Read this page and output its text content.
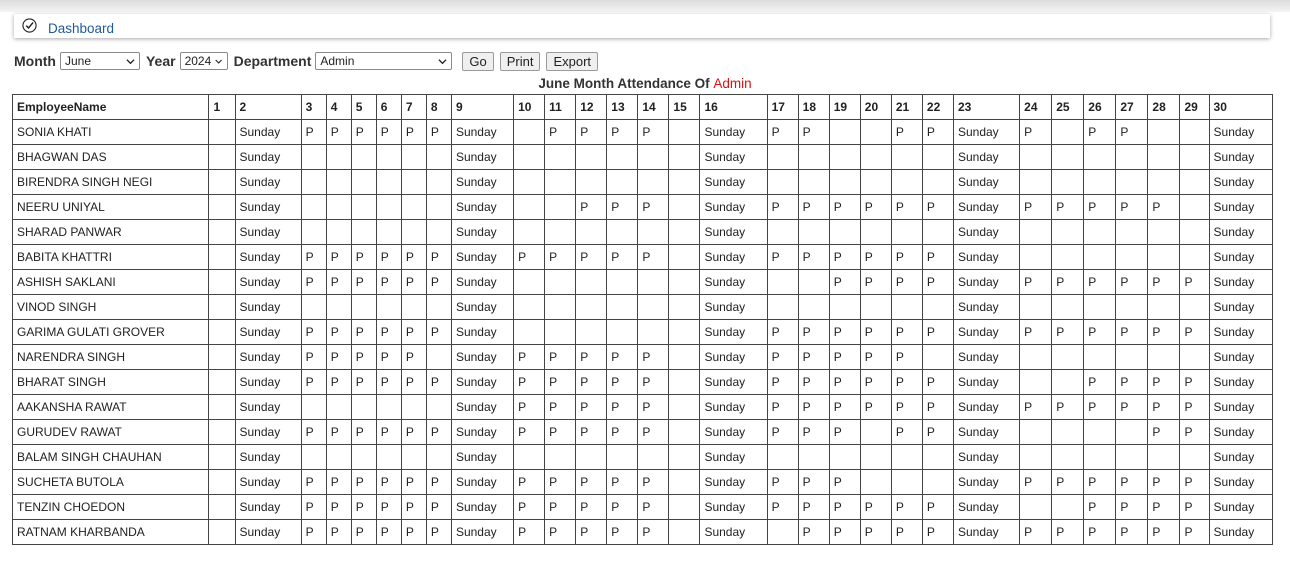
Dashboard
Month June	Year 2024 Department Admin	Go	Print	Export
June Month Attendance Of Admin
EmployeeName	1	2	3	4	5	6	7	8	9	10	11	12	13	14	15	16	17	18	19	20	21	22	23	24	25	26	27	28	29	30
SONIA KHATI		Sunday	P	P	P	P	P	P	Sunday		P	P	P	P		Sunday	P	P			P	P	Sunday	P		P	P			Sunday
BHAGWAN DAS		Sunday							Sunday							Sunday							Sunday							Sunday
BIRENDRA SINGH NEGI		Sunday							Sunday							Sunday							Sunday							Sunday
NEERU UNIYAL		Sunday							Sunday			P	P	P		Sunday	P	P	P	P	P	P	Sunday	P	P	P	P	P		Sunday
SHARAD PANWAR		Sunday							Sunday							Sunday							Sunday							Sunday
BABITA KHATTRI		Sunday	P	P	P	P	P	P	Sunday	P	P	P	P	P		Sunday	P	P	P	P	P	P	Sunday							Sunday
ASHISH SAKLANI		Sunday	P	P	P	P	P	P	Sunday							Sunday			P	P	P	P	Sunday	P	P	P	P	P	P	Sunday
VINOD SINGH		Sunday							Sunday							Sunday							Sunday							Sunday
GARIMA GULATI GROVER		Sunday	P	P	P	P	P	P	Sunday							Sunday	P	P	P	P	P	P	Sunday	P	P	P	P	P	P	Sunday
NARENDRA SINGH		Sunday	P	P	P	P	P		Sunday	P	P	P	P	P		Sunday	P	P	P	P	P		Sunday							Sunday
BHARAT SINGH		Sunday	P	P	P	P	P	P	Sunday	P	P	P	P	P		Sunday	P	P	P	P	P	P	Sunday			P	P	P	P	Sunday
AAKANSHA RAWAT		Sunday							Sunday	P	P	P	P	P		Sunday	P	P	P	P	P	P	Sunday	P	P	P	P	P	P	Sunday
GURUDEV RAWAT		Sunday	P	P	P	P	P	P	Sunday	P	P	P	P	P		Sunday	P	P	P		P	P	Sunday					P	P	Sunday
BALAM SINGH CHAUHAN		Sunday							Sunday							Sunday							Sunday							Sunday
SUCHETA BUTOLA		Sunday	P	P	P	P	P	P	Sunday	P	P	P	P	P		Sunday	P	P	P				Sunday	P	P	P	P	P	P	Sunday
TENZIN CHOEDON		Sunday	P	P	P	P	P	P	Sunday	P	P	P	P	P		Sunday	P	P	P	P	P	P	Sunday			P	P	P	P	Sunday
RATNAM KHARBANDA		Sunday	P	P	P	P	P	P	Sunday	P	P	P	P	P		Sunday		P	P	P	P	P	Sunday	P	P	P	P	P	P	Sunday
